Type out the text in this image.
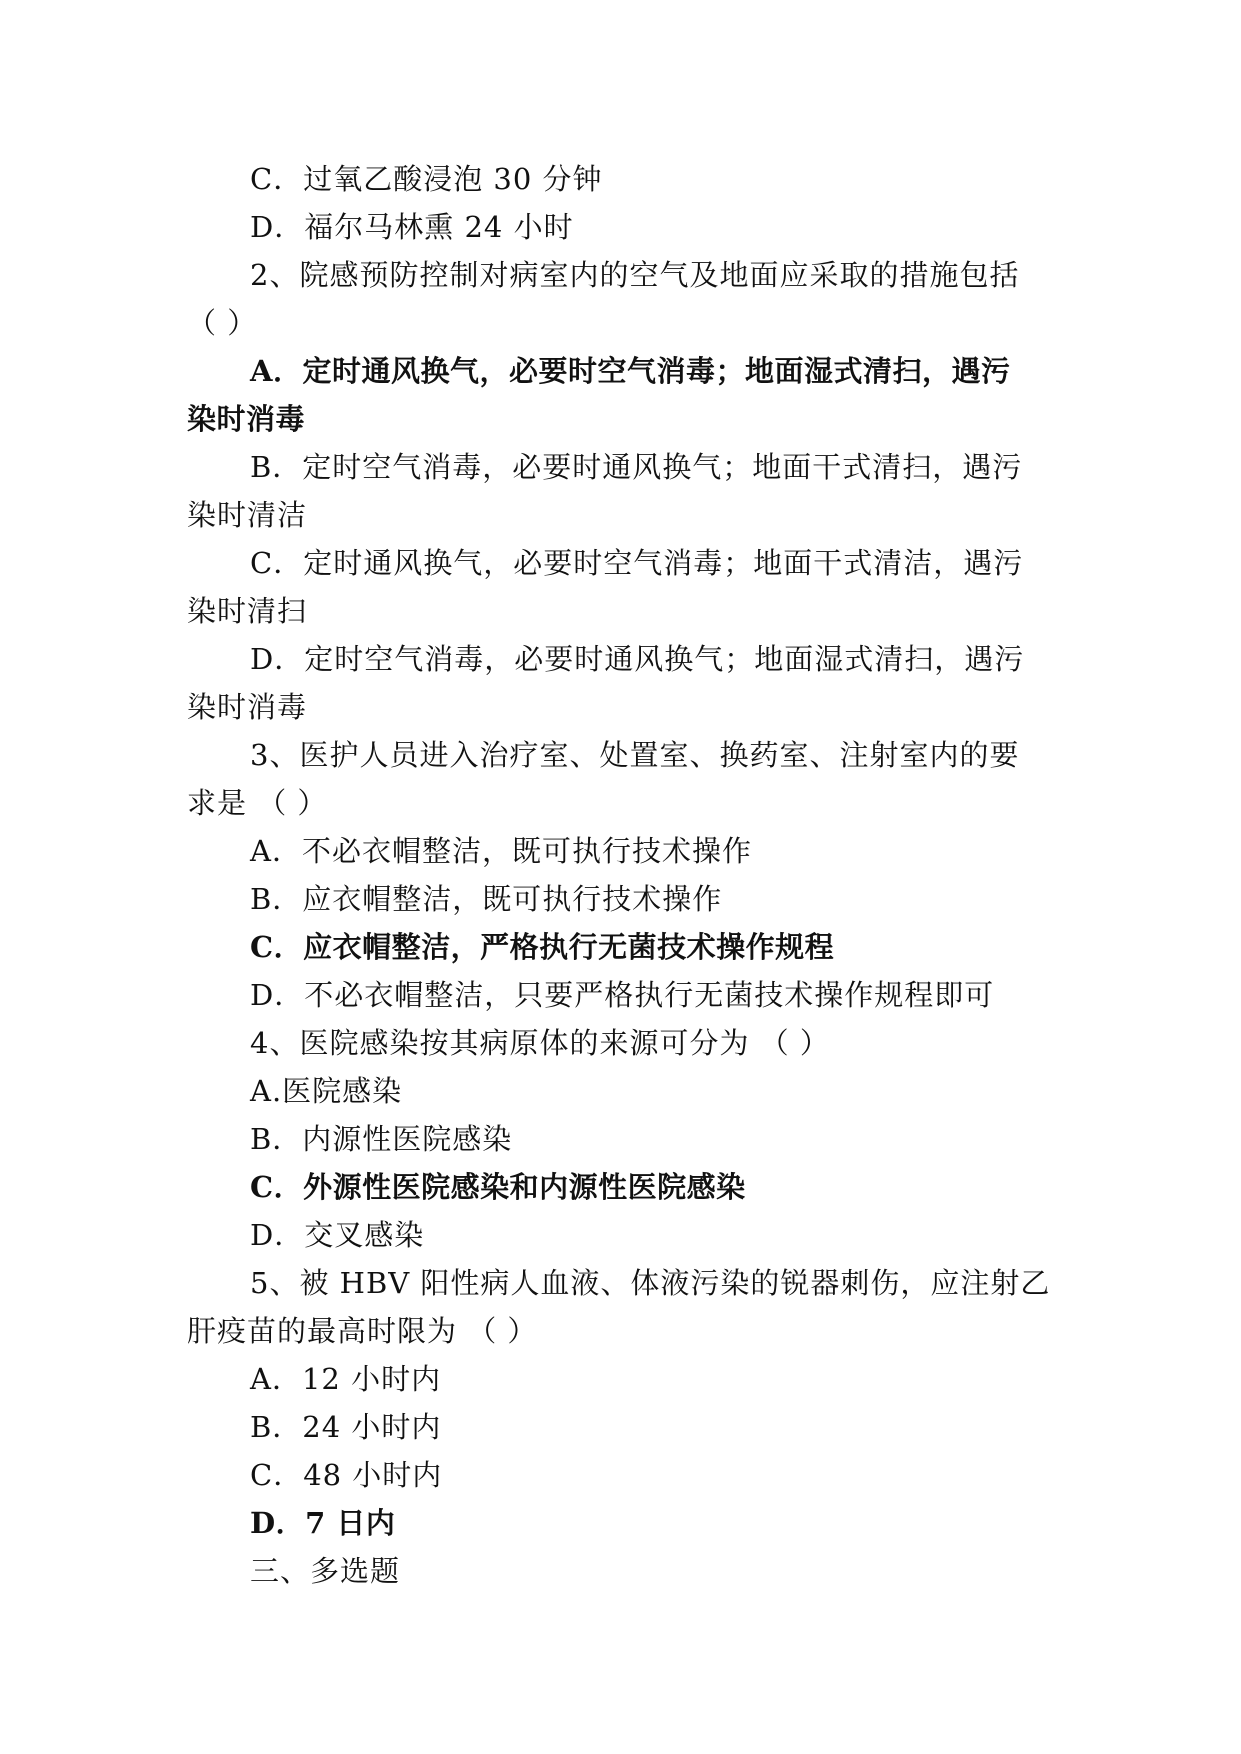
C．过氧乙酸浸泡 30 分钟
D．福尔马林熏 24 小时
2、院感预防控制对病室内的空气及地面应采取的措施包括
（ ）
A．定时通风换气，必要时空气消毒；地面湿式清扫，遇污
染时消毒
B．定时空气消毒，必要时通风换气；地面干式清扫，遇污
染时清洁
C．定时通风换气，必要时空气消毒；地面干式清洁，遇污
染时清扫
D．定时空气消毒，必要时通风换气；地面湿式清扫，遇污
染时消毒
3、医护人员进入治疗室、处置室、换药室、注射室内的要
求是 （ ）
A．不必衣帽整洁，既可执行技术操作
B．应衣帽整洁，既可执行技术操作
C．应衣帽整洁，严格执行无菌技术操作规程
D．不必衣帽整洁，只要严格执行无菌技术操作规程即可
4、医院感染按其病原体的来源可分为 （ ）
A.医院感染
B．内源性医院感染
C．外源性医院感染和内源性医院感染
D．交叉感染
5、被 HBV 阳性病人血液、体液污染的锐器刺伤，应注射乙
肝疫苗的最高时限为 （ ）
A．12 小时内
B．24 小时内
C．48 小时内
D．7 日内
三、多选题
